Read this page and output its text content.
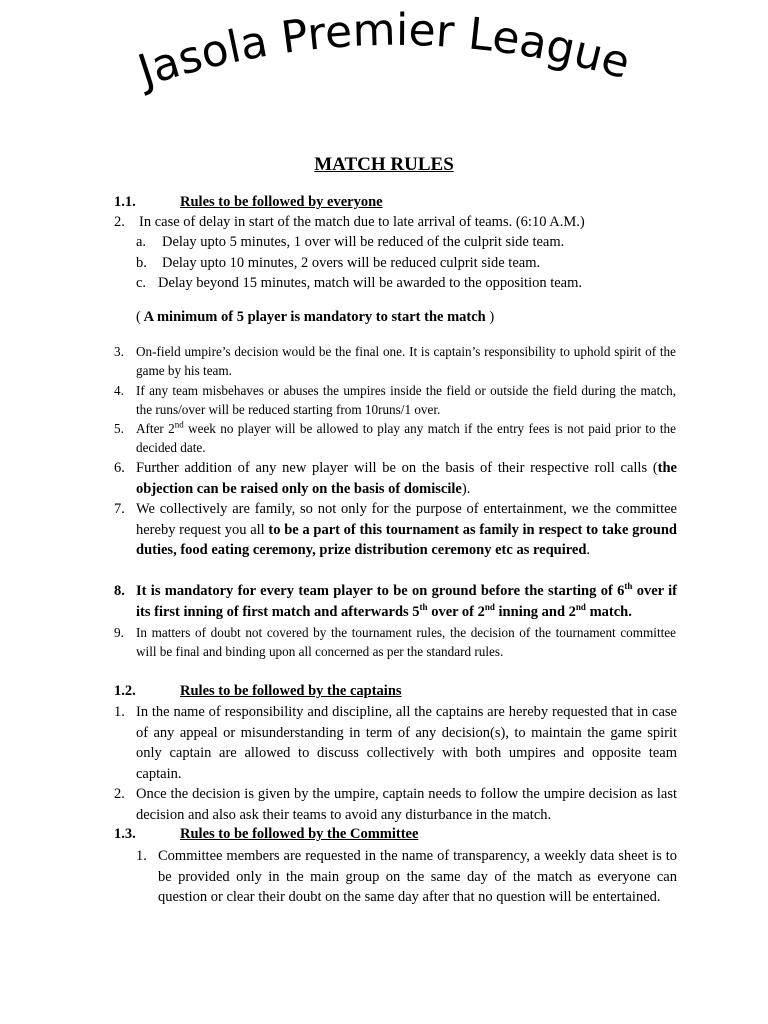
Jasola Premier League
MATCH RULES
1.1.	Rules to be followed by everyone
2. In case of delay in start of the match due to late arrival of teams. (6:10 A.M.)
a. Delay upto 5 minutes, 1 over will be reduced of the culprit side team.
b. Delay upto 10 minutes, 2 overs will be reduced culprit side team.
c. Delay beyond 15 minutes, match will be awarded to the opposition team.
( A minimum of 5 player is mandatory to start the match )
3. On-field umpire’s decision would be the final one. It is captain’s responsibility to uphold spirit of the game by his team.
4. If any team misbehaves or abuses the umpires inside the field or outside the field during the match, the runs/over will be reduced starting from 10runs/1 over.
5. After 2nd week no player will be allowed to play any match if the entry fees is not paid prior to the decided date.
6. Further addition of any new player will be on the basis of their respective roll calls (the objection can be raised only on the basis of domiscile).
7. We collectively are family, so not only for the purpose of entertainment, we the committee hereby request you all to be a part of this tournament as family in respect to take ground duties, food eating ceremony, prize distribution ceremony etc as required.
8. It is mandatory for every team player to be on ground before the starting of 6th over if its first inning of first match and afterwards 5th over of 2nd inning and 2nd match.
9. In matters of doubt not covered by the tournament rules, the decision of the tournament committee will be final and binding upon all concerned as per the standard rules.
1.2.	Rules to be followed by the captains
1. In the name of responsibility and discipline, all the captains are hereby requested that in case of any appeal or misunderstanding in term of any decision(s), to maintain the game spirit only captain are allowed to discuss collectively with both umpires and opposite team captain.
2. Once the decision is given by the umpire, captain needs to follow the umpire decision as last decision and also ask their teams to avoid any disturbance in the match.
1.3.	Rules to be followed by the Committee
1. Committee members are requested in the name of transparency, a weekly data sheet is to be provided only in the main group on the same day of the match as everyone can question or clear their doubt on the same day after that no question will be entertained.
